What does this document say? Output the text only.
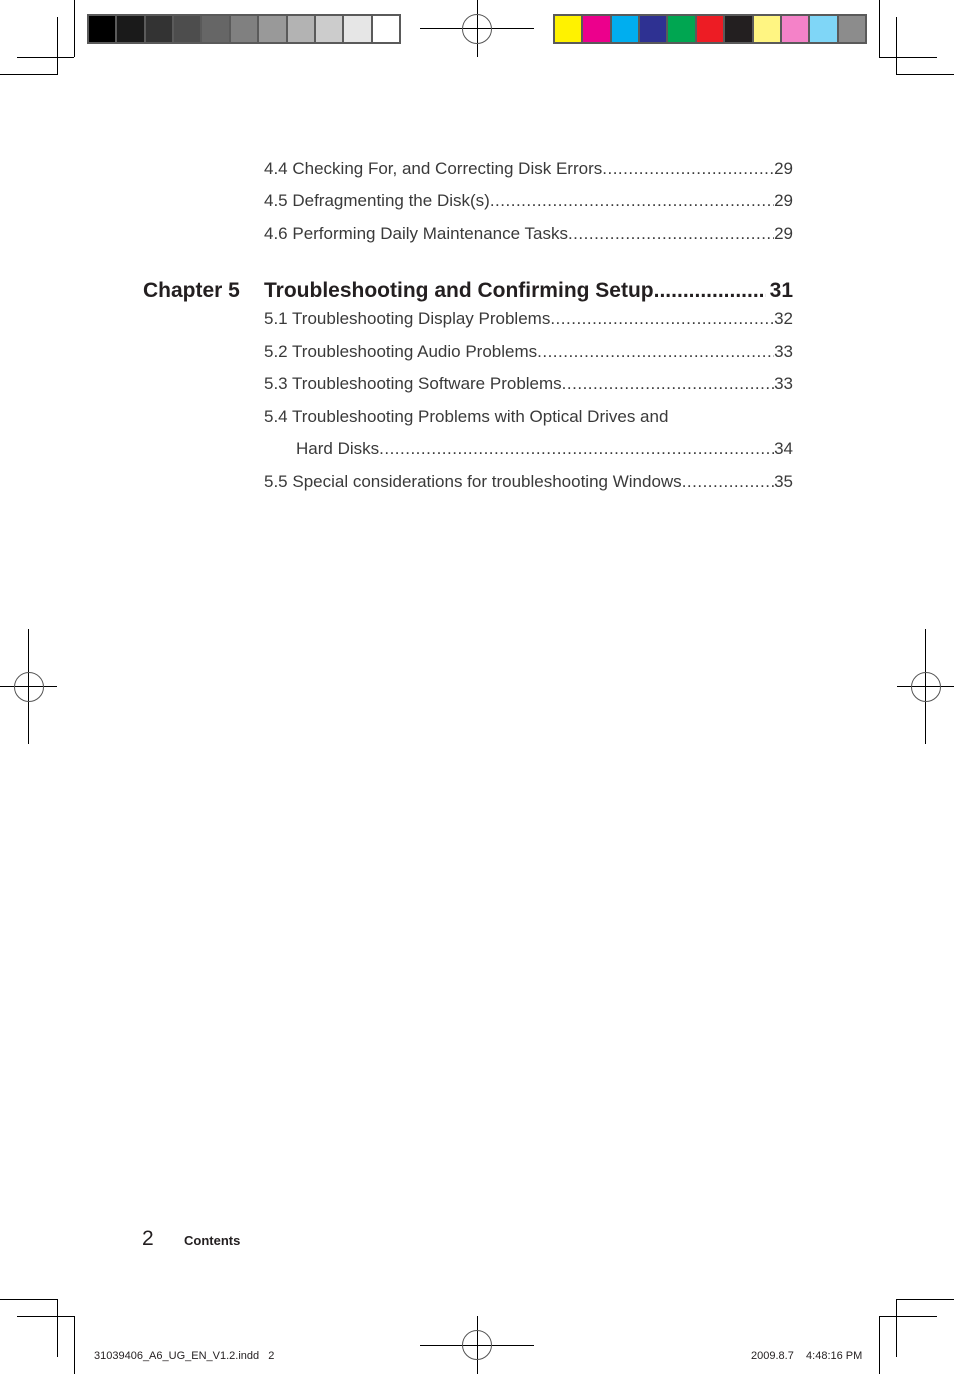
4.4 Checking For, and Correcting Disk Errors .....	29
4.5 Defragmenting the Disk(s) .....	29
4.6 Performing Daily Maintenance Tasks .....	29
Chapter 5	Troubleshooting and Confirming Setup .....	31
5.1 Troubleshooting Display Problems .....	32
5.2 Troubleshooting Audio Problems .....	33
5.3 Troubleshooting Software Problems .....	33
5.4 Troubleshooting Problems with Optical Drives and
Hard Disks .....	34
5.5 Special considerations for troubleshooting Windows .....	35
2 Contents
31039406_A6_UG_EN_V1.2.indd   2	2009.8.7    4:48:16 PM
